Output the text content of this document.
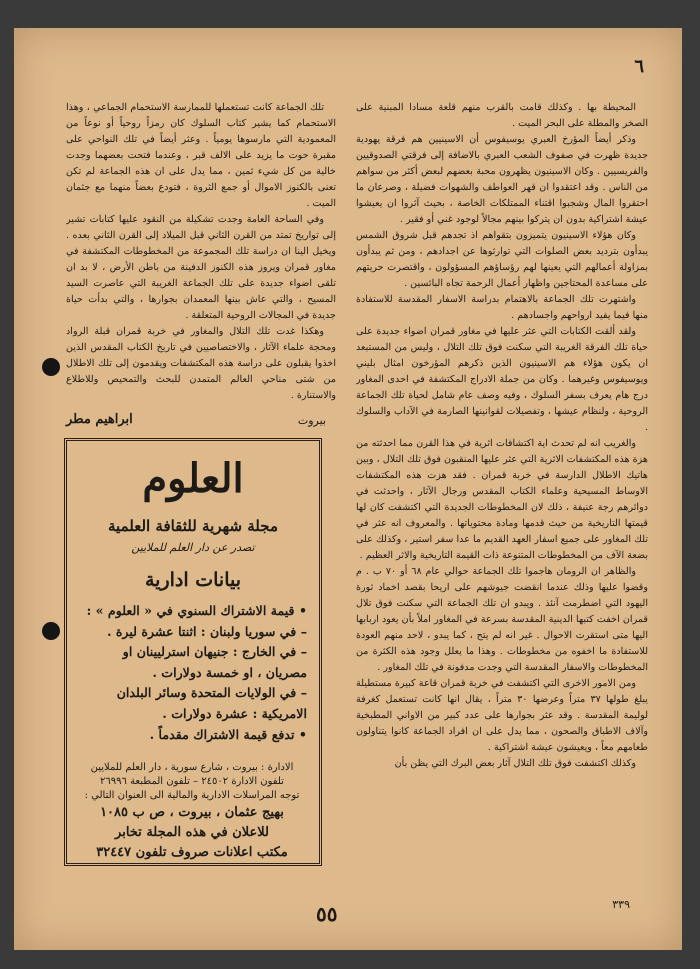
٦

المحيطة بها . وكذلك قامت بالقرب منهم قلعة مسادا المبنية على الصخر والمطلة على البحر الميت .

وذكر أيضاً المؤرخ العبري يوسيفوس أن الاسينيين هم فرقة يهودية جديدة ظهرت في صفوف الشعب العبري بالاضافة إلى فرقتي الصدوقيين والفريسيين . وكان الاسينيون يظهرون محبة بعضهم لبعض أكثر من سواهم من الناس . وقد اعتقدوا ان قهر العواطف والشهوات فضيلة ، وصرعان ما احتقروا المال وشجبوا اقتناء الممتلكات الخاصة ، بحيث آثروا ان يعيشوا عيشة اشتراكية بدون ان يتركوا بينهم مجالاً لوجود غني أو فقير .

وكان هؤلاء الاسينيون يتميزون بتقواهم اذ تجدهم قبل شروق الشمس يبدأون بترديد بعض الصلوات التي توارثوها عن اجدادهم ، ومن ثم يبدأون بمزاولة أعمالهم التي يعينها لهم رؤساؤهم المسؤولون ، واقتصرت حريتهم على مساعدة المحتاجين واظهار أعمال الرحمة تجاه البائسين .

واشتهرت تلك الجماعة بالاهتمام بدراسة الاسفار المقدسة للاستفادة منها فيما يفيد ارواحهم واجسادهم .

ولقد ألقت الكتابات التي عثر عليها في مغاور قمران اضواء جديدة على حياة تلك الفرقة الغريبة التي سكنت فوق تلك التلال ، وليس من المستبعد ان يكون هؤلاء هم الاسينيون الذين ذكرهم المؤرخون امثال بليني ويوسيفوس وغيرهما . وكان من جملة الادراج المكتشفة في احدى المغاور درج هام يعرف بسفر السلوك ، وفيه وصف عام شامل لحياة تلك الجماعة الروحية ، ولنظام عيشها ، وتفصيلات لقوانينها الصارمة في الآداب والسلوك .

والغريب انه لم تحدث اية اكتشافات اثرية في هذا القرن مما احدثته من هزة هذه المكتشفات الاثرية التي عثر عليها المنقبون فوق تلك التلال ، وبين هاتيك الاطلال الدارسة في خربة قمران . فقد هزت هذه المكتشفات الاوساط المسيحية وعلماء الكتاب المقدس ورجال الآثار ، واحدثت في دوائرهم رجة عنيفة ، ذلك لان المخطوطات الجديدة التي اكتشفت كان لها قيمتها التاريخية من حيث قدمها ومادة محتوياتها . والمعروف انه عثر في تلك المغاور على جميع اسفار العهد القديم ما عدا سفر استير ، وكذلك على بضعة الآف من المخطوطات المتنوعة ذات القيمة التاريخية والاثر العظيم .

والظاهر ان الرومان هاجموا تلك الجماعة حوالي عام ٦٨ أو ٧٠ ب . م وقضوا عليها وذلك عندما انقضت جيوشهم على اريحا بقصد اخماد ثورة اليهود التي اضطرمت آنئذ . ويبدو ان تلك الجماعة التي سكنت فوق تلال قمران اخفت كتبها الدينية المقدسة بسرعة في المغاور املاً بأن يعود اربابها اليها متى استقرت الاحوال . غير انه لم يتح ، كما يبدو ، لاحد منهم العودة للاستفادة ما اخفوه من مخطوطات . وهذا ما يعلل وجود هذه الكثرة من المخطوطات والاسفار المقدسة التي وجدت مدفونة في تلك المغاور .

ومن الامور الاخرى التي اكتشفت في خربة قمران قاعة كبيرة مستطيلة يبلغ طولها ٣٧ متراً وعرضها ٣٠ متراً ، يقال انها كانت تستعمل كغرفة لوليمة المقدسة . وقد عثر بجوارها على عدد كبير من الاواني المطبخية وآلاف الاطباق والصحون ، مما يدل على ان افراد الجماعة كانوا يتناولون طعامهم معاً ، ويعيشون عيشة اشتراكية .

وكذلك اكتشفت فوق تلك التلال آثار بعض البرك التي يظن بأن

تلك الجماعة كانت تستعملها للممارسة الاستحمام الجماعي ، وهذا الاستحمام كما يشير كتاب السلوك كان رمزاً روحياً أو نوعاً من المعمودية التي مارسوها يومياً . وعثر أيضاً في تلك النواحي على مقبرة حوت ما يزيد على الالف قبر ، وعندما فتحت بعضهما وجدت خالية من كل شيء ثمين ، مما يدل على ان هذه الجماعة لم تكن تعنى بالكنوز الاموال أو جمع الثروة ، فتودع بعضاً منهما مع جثمان الميت .

وفي الساحة العامة وجدت تشكيلة من النقود عليها كتابات تشير إلى تواريخ تمتد من القرن الثاني قبل الميلاد إلى القرن الثاني بعده . ويخيل الينا ان دراسة تلك المجموعة من المخطوطات المكتشفة في مغاور قمران ويروز هذه الكنوز الدفينة من باطن الأرض ، لا بد ان تلقى اضواء جديدة على تلك الجماعة الغريبة التي عاصرت السيد المسيح ، والتي عاش بينها المعمدان بجوارها ، والتي بدأت حياة جديدة في المجالات الروحية المتعلقة .

وهكذا غدت تلك التلال والمغاور في خربة قمران قبلة الرواد ومحجة علماء الآثار ، والاختصاصيين في تاريخ الكتاب المقدس الذين اخذوا يقبلون على دراسة هذه المكتشفات ويقدمون إلى تلك الاطلال من شتى مناحي العالم المتمدن للبحث والتمحيص وللاطلاع والاستنارة .

بيروت
ابراهيم مطر
العلوم
مجلة شهرية للثقافة العلمية
تصدر عن دار العلم للملايين
بيانات ادارية
• قيمة الاشتراك السنوي في « العلوم » :
– في سوريا ولبنان : اثنتا عشرة ليرة .
– في الخارج : جنيهان استرليينان او
مصريان ، او خمسة دولارات .
– في الولايات المتحدة وسائر البلدان
الامريكية : عشرة دولارات .
• تدفع قيمة الاشتراك مقدماً .
الادارة : بيروت ، شارع سورية ، دار العلم للملايين
تلفون الادارة ٢٤٥٠٢ – تلفون المطبعة ٢٦٩٩٦
توجه المراسلات الادارية والمالية الى العنوان التالي :
بهيج عثمان ، بيروت ، ص ب ١٠٨٥
للاعلان في هذه المجلة تخابر
مكتب اعلانات صروف تلفون ٣٢٤٤٧
٥٥	٣٣٩
